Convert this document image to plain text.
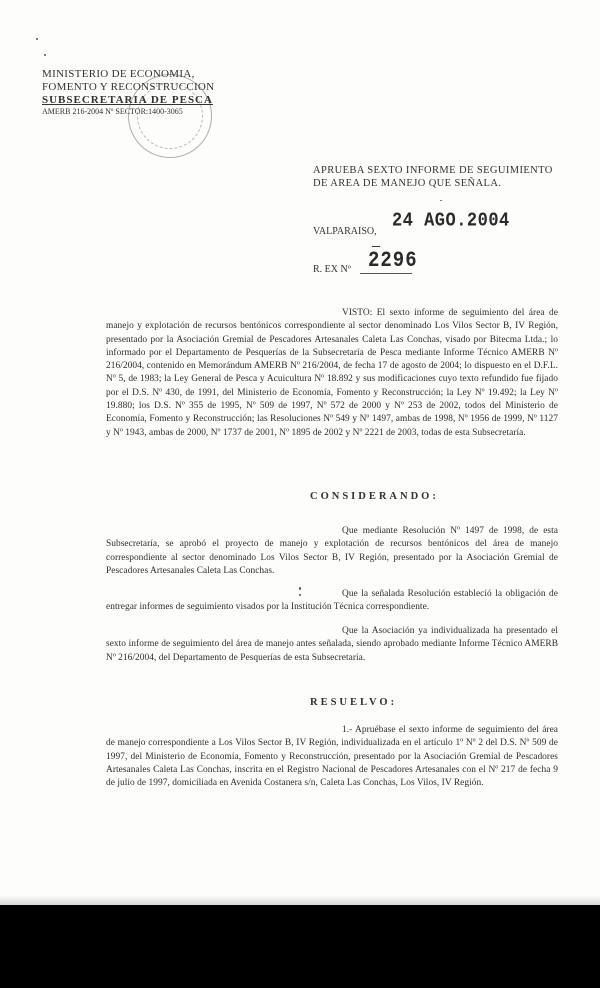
MINISTERIO DE ECONOMIA,
FOMENTO Y RECONSTRUCCION
SUBSECRETARIA DE PESCA
AMERB 216-2004 Nº SECTOR:1400-3065
APRUEBA SEXTO INFORME DE SEGUIMIENTO
DE AREA DE MANEJO QUE SEÑALA.
VALPARAISO, 24 AGO.2004
R. EX Nº 2296
VISTO: El sexto informe de seguimiento del área de manejo y explotación de recursos bentónicos correspondiente al sector denominado Los Vilos Sector B, IV Región, presentado por la Asociación Gremial de Pescadores Artesanales Caleta Las Conchas, visado por Bitecma Ltda.; lo informado por el Departamento de Pesquerías de la Subsecretaría de Pesca mediante Informe Técnico AMERB Nº 216/2004, contenido en Memorándum AMERB Nº 216/2004, de fecha 17 de agosto de 2004; lo dispuesto en el D.F.L. Nº 5, de 1983; la Ley General de Pesca y Acuicultura Nº 18.892 y sus modificaciones cuyo texto refundido fue fijado por el D.S. Nº 430, de 1991, del Ministerio de Economía, Fomento y Reconstrucción; la Ley Nº 19.492; la Ley Nº 19.880; los D.S. Nº 355 de 1995, Nº 509 de 1997, Nº 572 de 2000 y Nº 253 de 2002, todos del Ministerio de Economía, Fomento y Reconstrucción; las Resoluciones Nº 549 y Nº 1497, ambas de 1998, Nº 1956 de 1999, Nº 1127 y Nº 1943, ambas de 2000, Nº 1737 de 2001, Nº 1895 de 2002 y Nº 2221 de 2003, todas de esta Subsecretaría.
CONSIDERANDO:
Que mediante Resolución Nº 1497 de 1998, de esta Subsecretaría, se aprobó el proyecto de manejo y explotación de recursos bentónicos del área de manejo correspondiente al sector denominado Los Vilos Sector B, IV Región, presentado por la Asociación Gremial de Pescadores Artesanales Caleta Las Conchas.
Que la señalada Resolución estableció la obligación de entregar informes de seguimiento visados por la Institución Técnica correspondiente.
Que la Asociación ya individualizada ha presentado el sexto informe de seguimiento del área de manejo antes señalada, siendo aprobado mediante Informe Técnico AMERB Nº 216/2004, del Departamento de Pesquerías de esta Subsecretaría.
RESUELVO:
1.- Apruébase el sexto informe de seguimiento del área de manejo correspondiente a Los Vilos Sector B, IV Región, individualizada en el artículo 1º Nº 2 del D.S. Nº 509 de 1997, del Ministerio de Economía, Fomento y Reconstrucción, presentado por la Asociación Gremial de Pescadores Artesanales Caleta Las Conchas, inscrita en el Registro Nacional de Pescadores Artesanales con el Nº 217 de fecha 9 de julio de 1997, domiciliada en Avenida Costanera s/n, Caleta Las Conchas, Los Vilos, IV Región.
